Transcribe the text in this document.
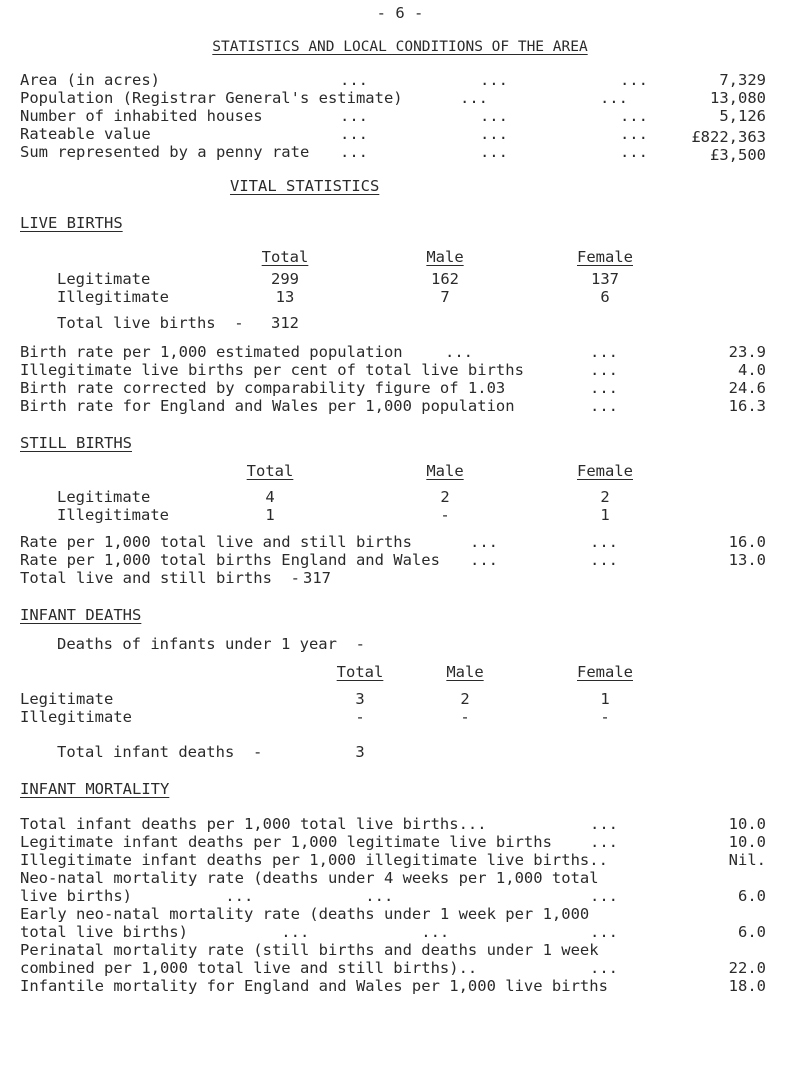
- 6 -
STATISTICS AND LOCAL CONDITIONS OF THE AREA
Area (in acres)	...            ...            ...	7,329
Population (Registrar General's estimate)	...            ...	13,080
Number of inhabited houses	...            ...            ...	5,126
Rateable value	...            ...            ...	£822,363
Sum represented by a penny rate ...            ...            ...	£3,500
VITAL STATISTICS
LIVE BIRTHS
Total	Male	Female
Legitimate	299	162	137
Illegitimate	13	7	6
Total live births  -	312
Birth rate per 1,000 estimated population	...	...	23.9
Illegitimate live births per cent of total live births	...	4.0
Birth rate corrected by comparability figure of 1.03	...	24.6
Birth rate for England and Wales per 1,000 population	...	16.3
STILL BIRTHS
Total	Male	Female
Legitimate	4	2	2
Illegitimate	1	-	1
Rate per 1,000 total live and still births	...	...	16.0
Rate per 1,000 total births England and Wales ...	...	13.0
Total live and still births  - 317
INFANT DEATHS
Deaths of infants under 1 year  -
Total	Male	Female
Legitimate	3	2	1
Illegitimate	-	-	-
Total infant deaths  -	3
INFANT MORTALITY
Total infant deaths per 1,000 total live births...	...	10.0
Legitimate infant deaths per 1,000 legitimate live births ...	10.0
Illegitimate infant deaths per 1,000 illegitimate live births..	Nil.
Neo-natal mortality rate (deaths under 4 weeks per 1,000 total
live births)          ...            ...	...	6.0
Early neo-natal mortality rate (deaths under 1 week per 1,000
total live births)          ...            ...	...	6.0
Perinatal mortality rate (still births and deaths under 1 week
combined per 1,000 total live and still births)..	...	22.0
Infantile mortality for England and Wales per 1,000 live births	18.0
